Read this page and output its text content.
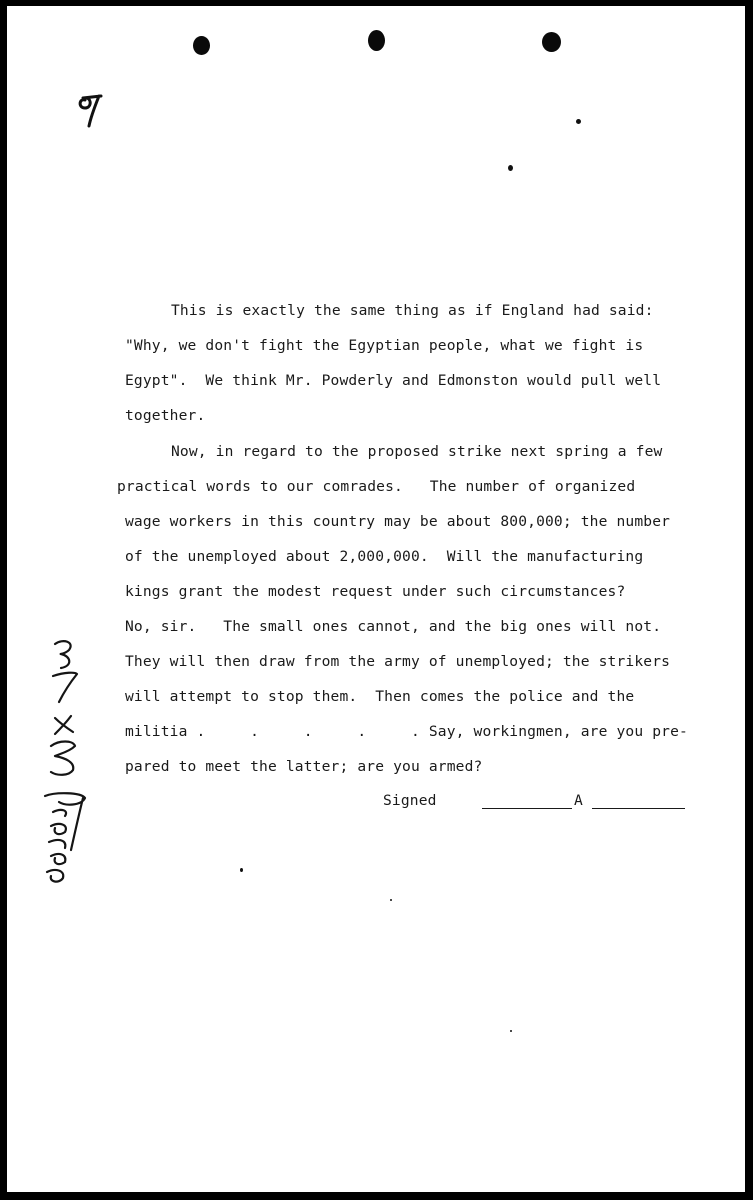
This is exactly the same thing as if England had said:
"Why, we don't fight the Egyptian people, what we fight is
Egypt".  We think Mr. Powderly and Edmonston would pull well
together.
Now, in regard to the proposed strike next spring a few
practical words to our comrades.   The number of organized
wage workers in this country may be about 800,000; the number
of the unemployed about 2,000,000.  Will the manufacturing
kings grant the modest request under such circumstances?
No, sir.   The small ones cannot, and the big ones will not.
They will then draw from the army of unemployed; the strikers
will attempt to stop them.  Then comes the police and the
militia .     .     .     .     . Say, workingmen, are you pre-
pared to meet the latter; are you armed?
Signed	A
